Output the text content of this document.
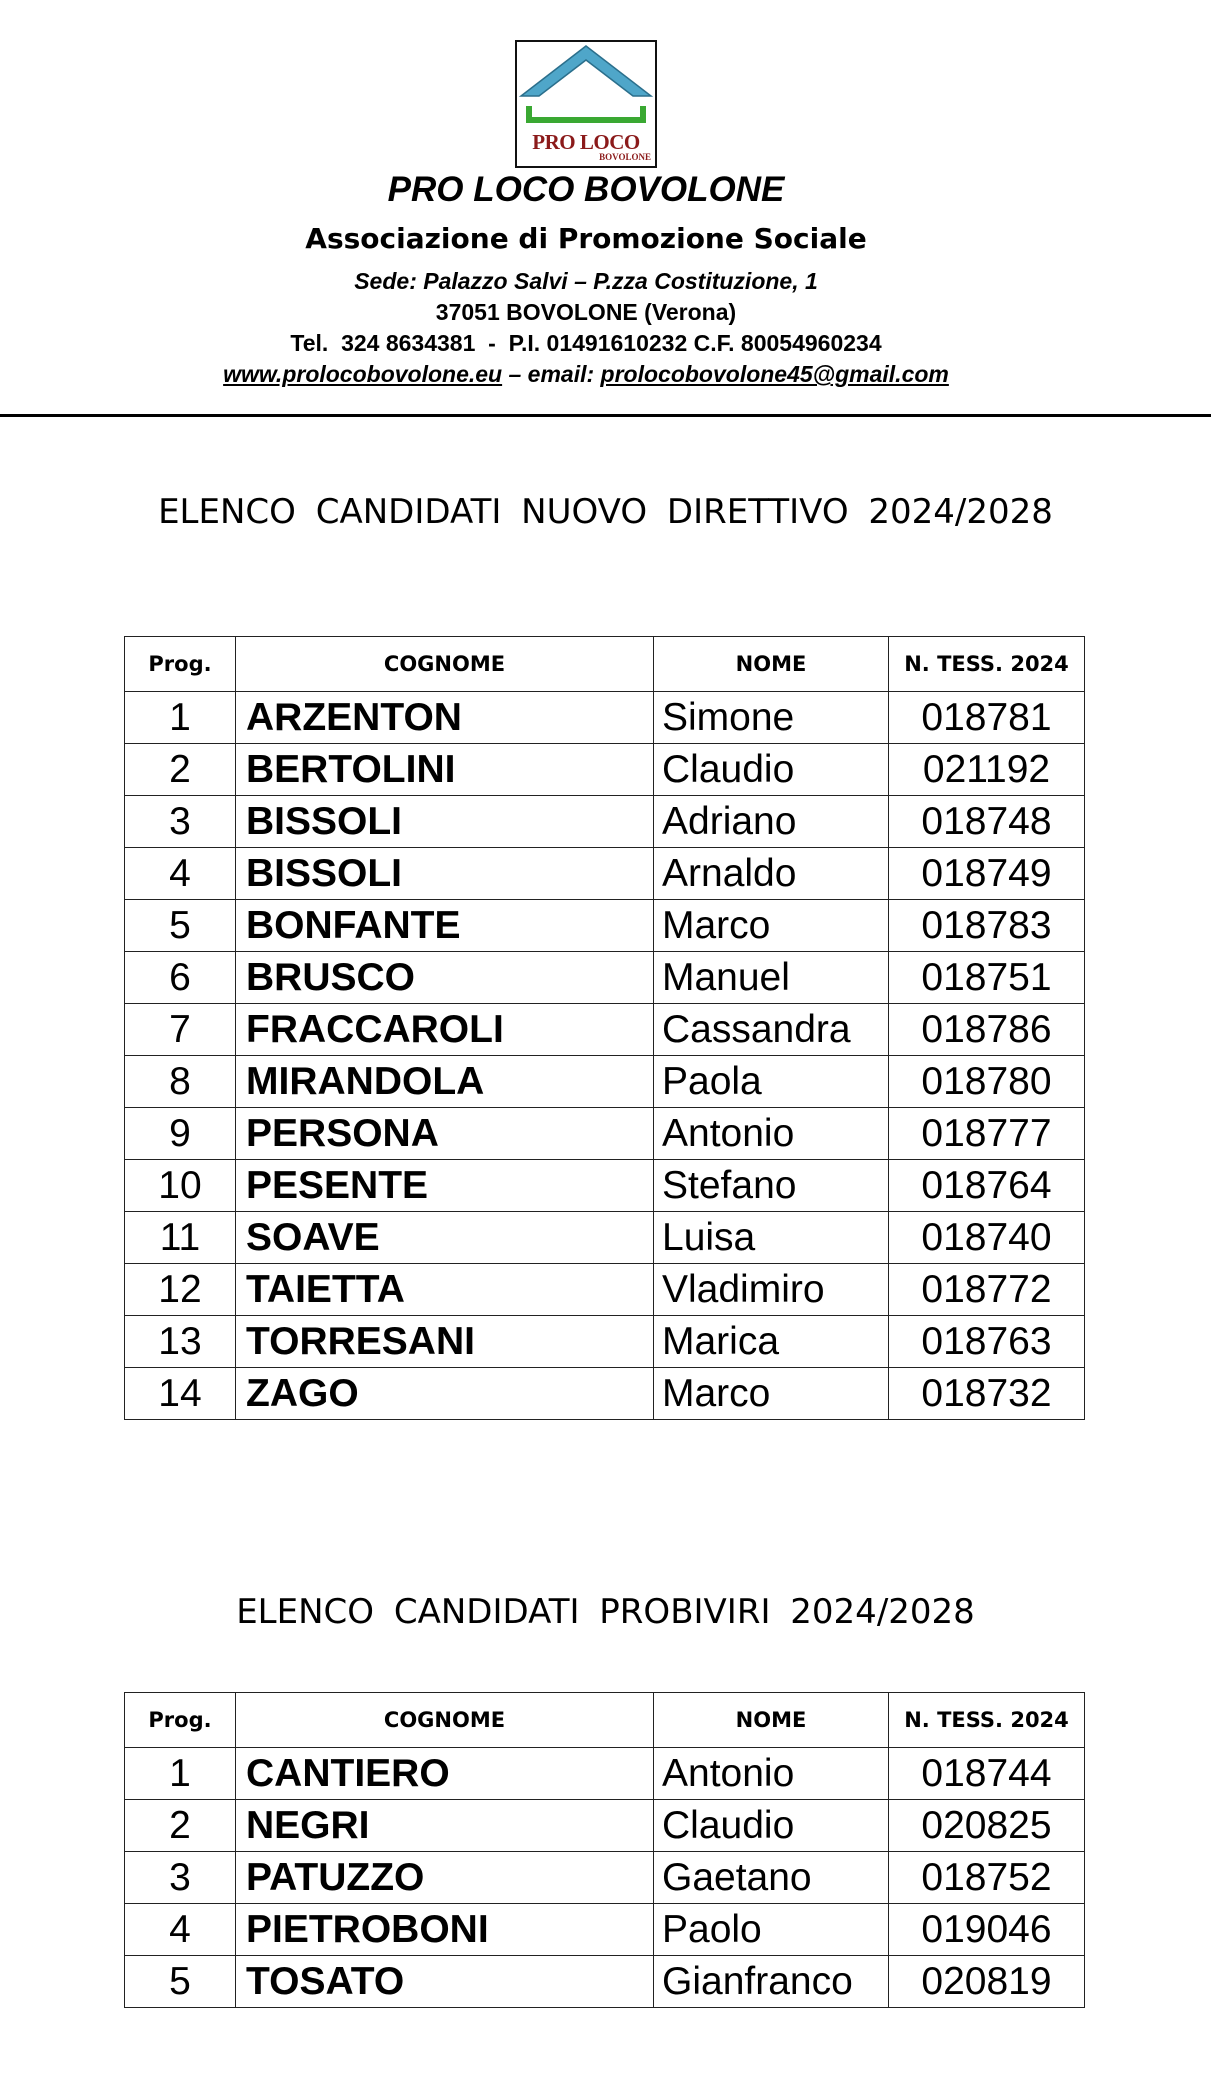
PRO LOCO
BOVOLONE
PRO LOCO BOVOLONE
Associazione di Promozione Sociale
Sede: Palazzo Salvi – P.zza Costituzione, 1
37051 BOVOLONE (Verona)
Tel.  324 8634381  -  P.I. 01491610232 C.F. 80054960234
www.prolocobovolone.eu – email: prolocobovolone45@gmail.com
ELENCO CANDIDATI NUOVO DIRETTIVO 2024/2028
Prog.	COGNOME	NOME	N. TESS. 2024
1	ARZENTON	Simone	018781
2	BERTOLINI	Claudio	021192
3	BISSOLI	Adriano	018748
4	BISSOLI	Arnaldo	018749
5	BONFANTE	Marco	018783
6	BRUSCO	Manuel	018751
7	FRACCAROLI	Cassandra	018786
8	MIRANDOLA	Paola	018780
9	PERSONA	Antonio	018777
10	PESENTE	Stefano	018764
11	SOAVE	Luisa	018740
12	TAIETTA	Vladimiro	018772
13	TORRESANI	Marica	018763
14	ZAGO	Marco	018732
ELENCO CANDIDATI PROBIVIRI 2024/2028
Prog.	COGNOME	NOME	N. TESS. 2024
1	CANTIERO	Antonio	018744
2	NEGRI	Claudio	020825
3	PATUZZO	Gaetano	018752
4	PIETROBONI	Paolo	019046
5	TOSATO	Gianfranco	020819
